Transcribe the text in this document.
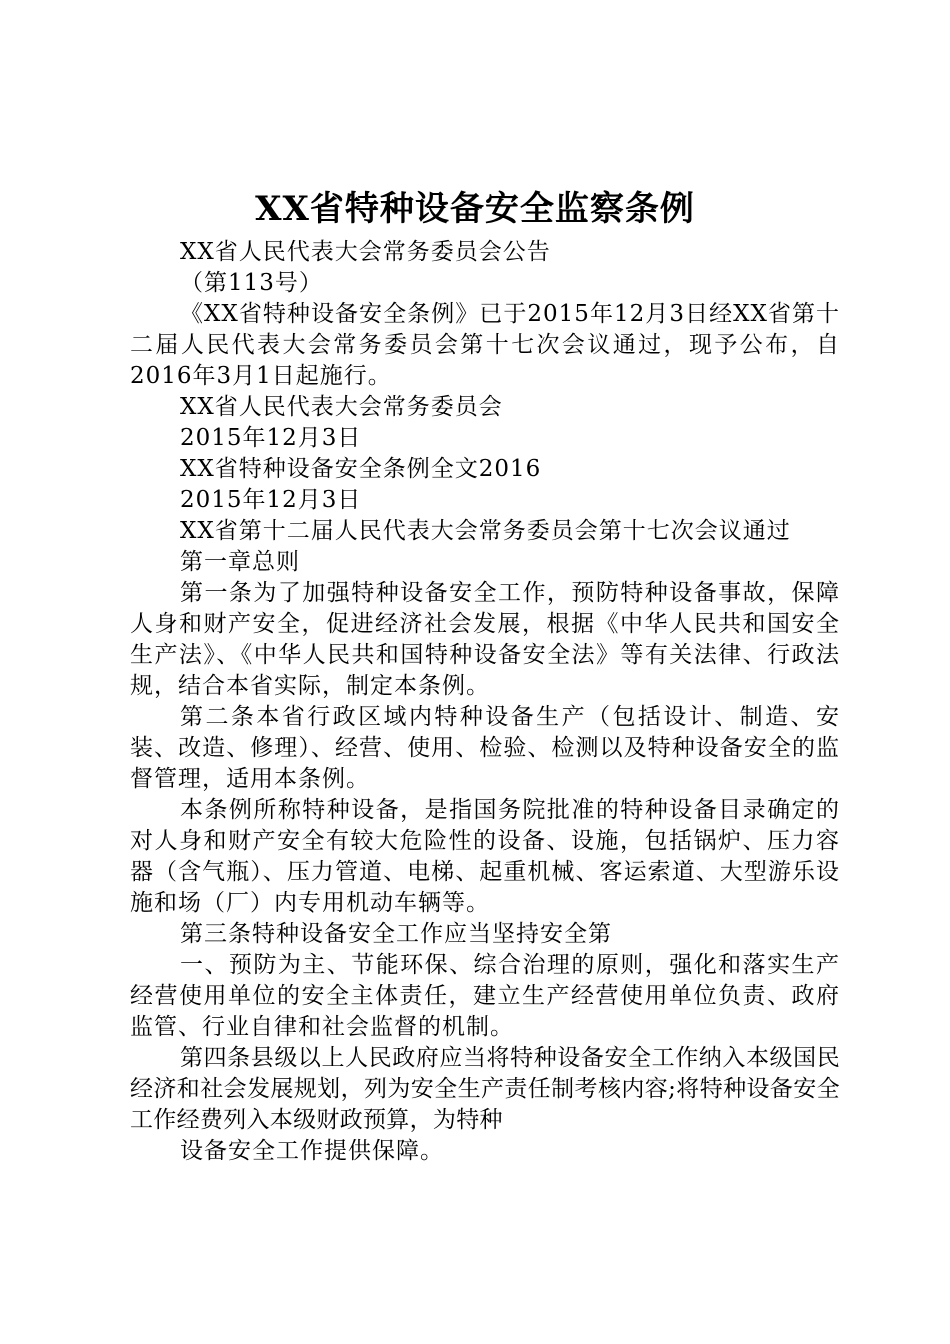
XX省特种设备安全监察条例

XX省人民代表大会常务委员会公告

（第113号）

《XX省特种设备安全条例》已于2015年12月3日经XX省第十二届人民代表大会常务委员会第十七次会议通过，现予公布，自2016年3月1日起施行。

XX省人民代表大会常务委员会

2015年12月3日

XX省特种设备安全条例全文2016

2015年12月3日

XX省第十二届人民代表大会常务委员会第十七次会议通过

第一章总则

第一条为了加强特种设备安全工作，预防特种设备事故，保障人身和财产安全，促进经济社会发展，根据《中华人民共和国安全生产法》、《中华人民共和国特种设备安全法》等有关法律、行政法规，结合本省实际，制定本条例。

第二条本省行政区域内特种设备生产（包括设计、制造、安装、改造、修理）、经营、使用、检验、检测以及特种设备安全的监督管理，适用本条例。

本条例所称特种设备，是指国务院批准的特种设备目录确定的对人身和财产安全有较大危险性的设备、设施，包括锅炉、压力容器（含气瓶）、压力管道、电梯、起重机械、客运索道、大型游乐设施和场（厂）内专用机动车辆等。

第三条特种设备安全工作应当坚持安全第

一、预防为主、节能环保、综合治理的原则，强化和落实生产经营使用单位的安全主体责任，建立生产经营使用单位负责、政府监管、行业自律和社会监督的机制。

第四条县级以上人民政府应当将特种设备安全工作纳入本级国民经济和社会发展规划，列为安全生产责任制考核内容;将特种设备安全工作经费列入本级财政预算，为特种

设备安全工作提供保障。
